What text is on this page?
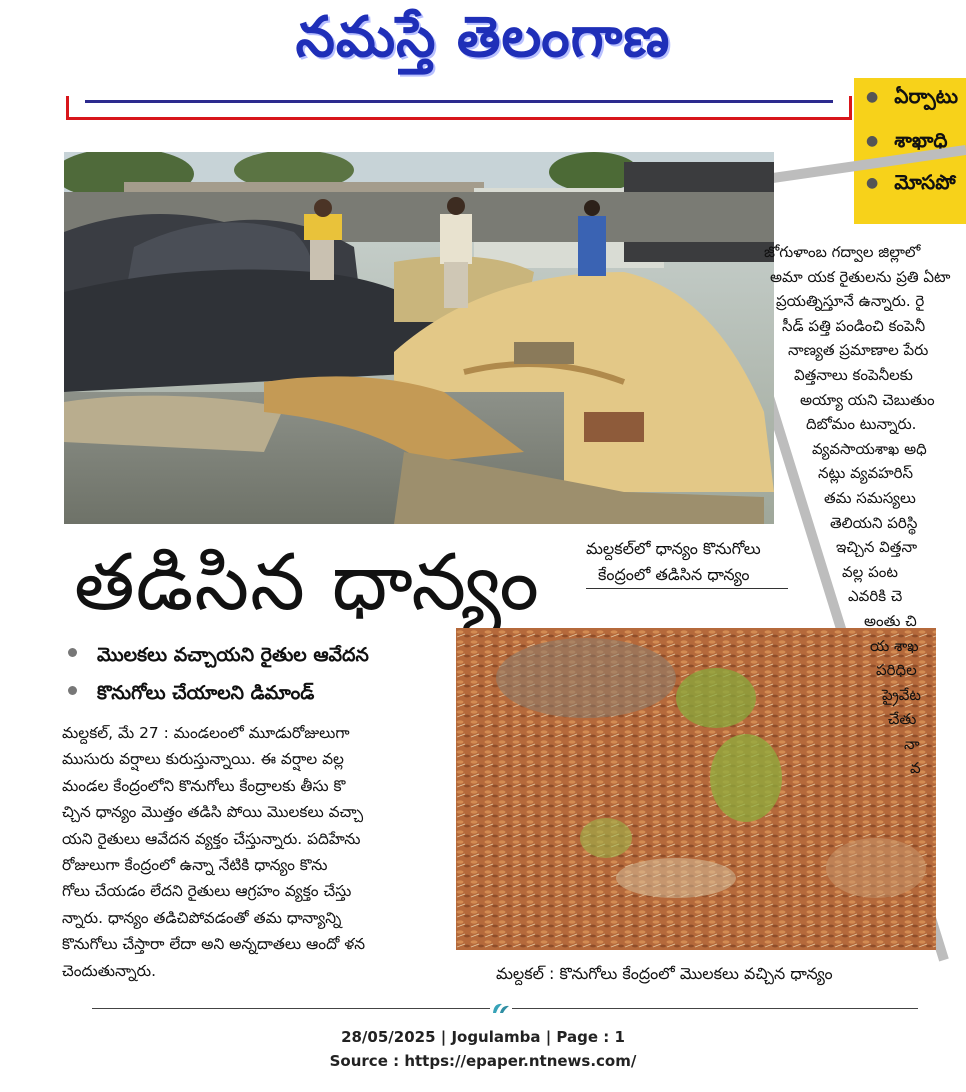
నమస్తే తెలంగాణ
● ఏర్పాటు
● శాఖాధి
● మోసపో
తడిసిన ధాన్యం	మల్దకల్‌లో ధాన్యం కొనుగోలు

కేంద్రంలో తడిసిన ధాన్యం
మొలకలు వచ్చాయని రైతుల ఆవేదన
కొనుగోలు చేయాలని డిమాండ్
మల్దకల్, మే 27 : మండలంలో మూడురోజులుగా
ముసురు వర్షాలు కురుస్తున్నాయి. ఈ వర్షాల వల్ల
మండల కేంద్రంలోని కొనుగోలు కేంద్రాలకు తీసు కొ
చ్చిన ధాన్యం మొత్తం తడిసి పోయి మొలకలు వచ్చా
యని రైతులు ఆవేదన వ్యక్తం చేస్తున్నారు. పదిహేను
రోజులుగా కేంద్రంలో ఉన్నా నేటికి ధాన్యం కొను
గోలు చేయడం లేదని రైతులు ఆగ్రహం వ్యక్తం చేస్తు
న్నారు. ధాన్యం తడిచిపోవడంతో తమ ధాన్యాన్ని
కొనుగోలు చేస్తారా లేదా అని అన్నదాతలు ఆందో ళన
చెందుతున్నారు.
జోగుళాంబ గద్వాల జిల్లాలో
అమా యక రైతులను ప్రతి ఏటా
ప్రయత్నిస్తూనే ఉన్నారు. రై
సీడ్ పత్తి పండించి కంపెనీ
నాణ్యత ప్రమాణాల పేరు
విత్తనాలు కంపెనీలకు
అయ్యా యని చెబుతుం
దిబోమం టున్నారు.
వ్యవసాయశాఖ అధి
నట్లు వ్యవహరిస్
తమ సమస్యలు
తెలియని పరిస్థి
ఇచ్చిన విత్తనా
వల్ల పంట
ఎవరికి చె
అంతు చి
య శాఖ
పరిధిల
ప్రైవేట
చేతు
నా
వ
మల్దకల్ : కొనుగోలు కేంద్రంలో మొలకలు వచ్చిన ధాన్యం
28/05/2025 | Jogulamba | Page : 1
Source : https://epaper.ntnews.com/
